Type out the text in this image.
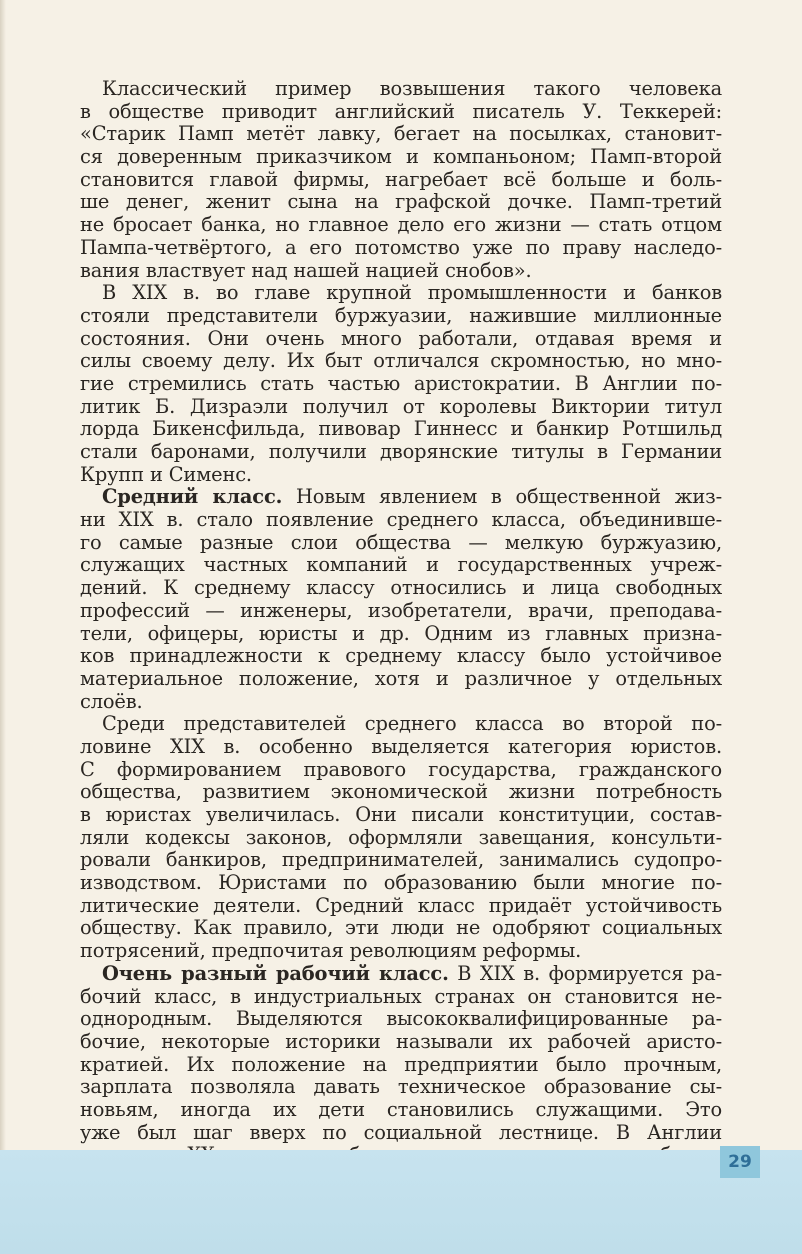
Классический пример возвышения такого человека
в обществе приводит английский писатель У. Теккерей:
«Старик Памп метёт лавку, бегает на посылках, становит-
ся доверенным приказчиком и компаньоном; Памп-второй
становится главой фирмы, нагребает всё больше и боль-
ше денег, женит сына на графской дочке. Памп-третий
не бросает банка, но главное дело его жизни — стать отцом
Пампа-четвёртого, а его потомство уже по праву наследо-
вания властвует над нашей нацией снобов».
В XIX в. во главе крупной промышленности и банков
стояли представители буржуазии, нажившие миллионные
состояния. Они очень много работали, отдавая время и
силы своему делу. Их быт отличался скромностью, но мно-
гие стремились стать частью аристократии. В Англии по-
литик Б. Дизраэли получил от королевы Виктории титул
лорда Бикенсфильда, пивовар Гиннесс и банкир Ротшильд
стали баронами, получили дворянские титулы в Германии
Крупп и Сименс.
Средний класс. Новым явлением в общественной жиз-
ни XIX в. стало появление среднего класса, объединивше-
го самые разные слои общества — мелкую буржуазию,
служащих частных компаний и государственных учреж-
дений. К среднему классу относились и лица свободных
профессий — инженеры, изобретатели, врачи, преподава-
тели, офицеры, юристы и др. Одним из главных призна-
ков принадлежности к среднему классу было устойчивое
материальное положение, хотя и различное у отдельных
слоёв.
Среди представителей среднего класса во второй по-
ловине XIX в. особенно выделяется категория юристов.
С формированием правового государства, гражданского
общества, развитием экономической жизни потребность
в юристах увеличилась. Они писали конституции, состав-
ляли кодексы законов, оформляли завещания, консульти-
ровали банкиров, предпринимателей, занимались судопро-
изводством. Юристами по образованию были многие по-
литические деятели. Средний класс придаёт устойчивость
обществу. Как правило, эти люди не одобряют социальных
потрясений, предпочитая революциям реформы.
Очень разный рабочий класс. В XIX в. формируется ра-
бочий класс, в индустриальных странах он становится не-
однородным. Выделяются высококвалифицированные ра-
бочие, некоторые историки называли их рабочей аристо-
кратией. Их положение на предприятии было прочным,
зарплата позволяла давать техническое образование сы-
новьям, иногда их дети становились служащими. Это
уже был шаг вверх по социальной лестнице. В Англии
29
